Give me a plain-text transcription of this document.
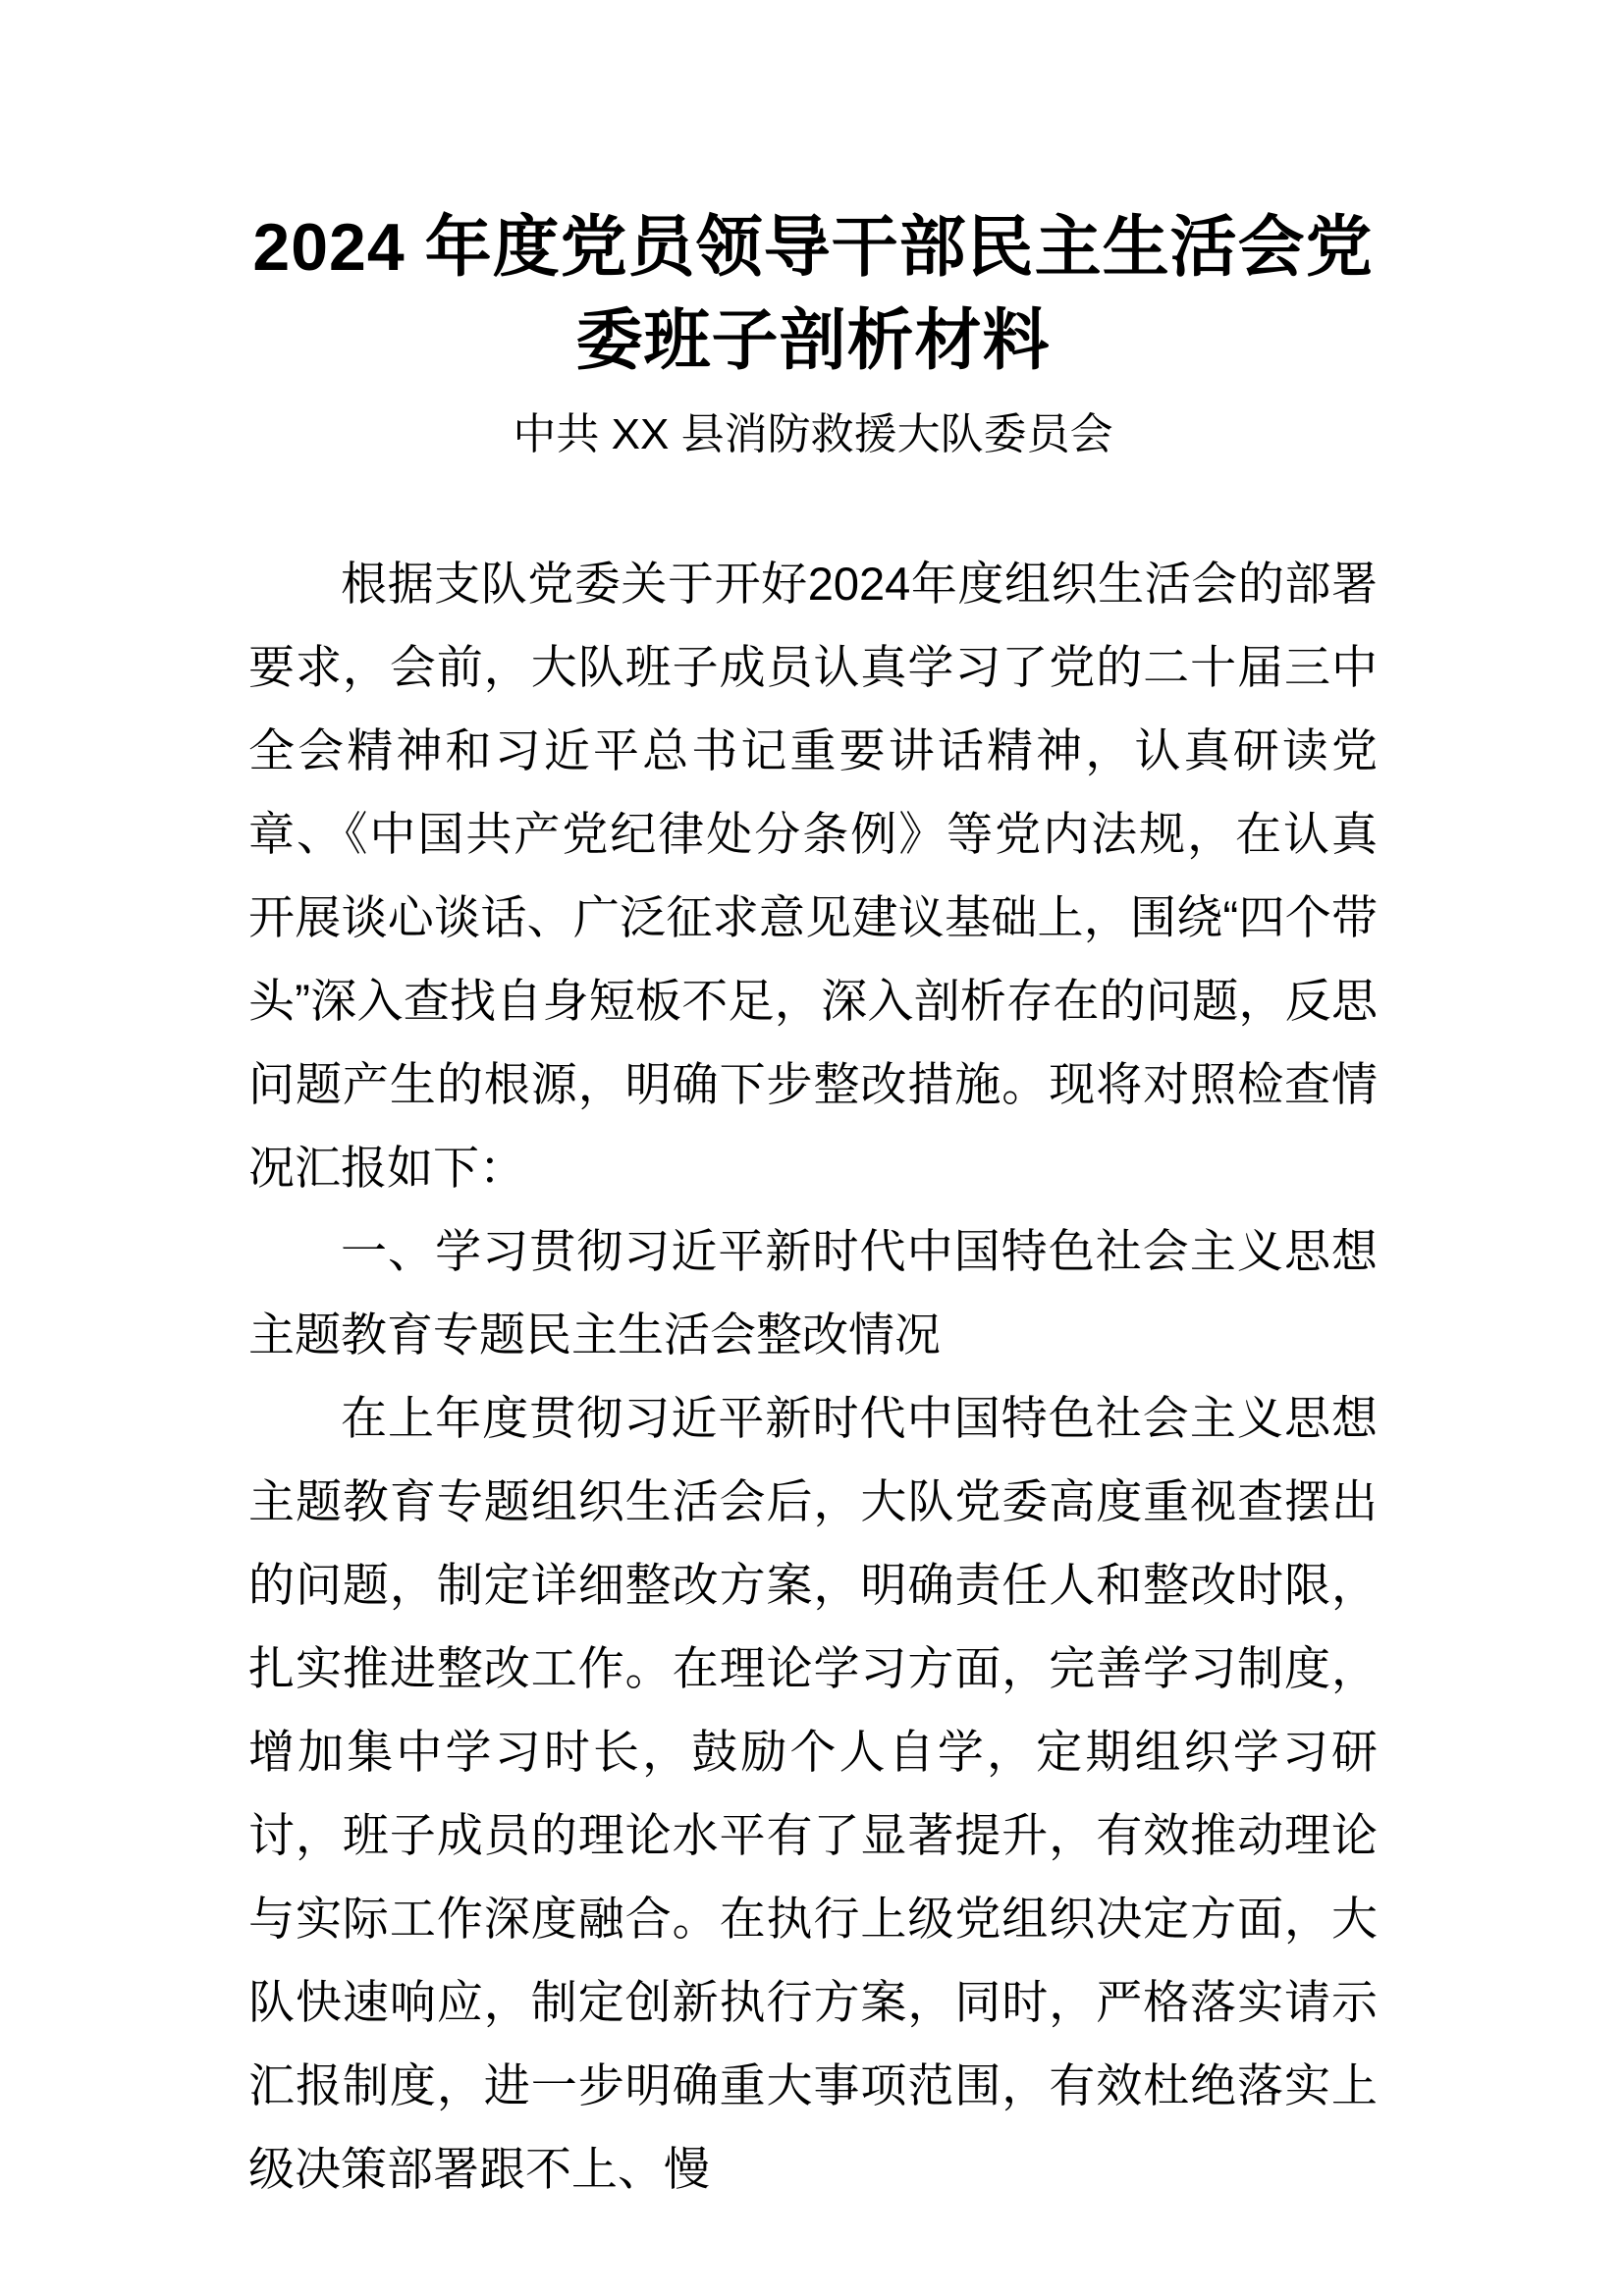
2024 年度党员领导干部民主生活会党委班子剖析材料
中共 XX 县消防救援大队委员会

根据支队党委关于开好2024年度组织生活会的部署要求，会前，大队班子成员认真学习了党的二十届三中全会精神和习近平总书记重要讲话精神，认真研读党章、《中国共产党纪律处分条例》等党内法规，在认真开展谈心谈话、广泛征求意见建议基础上，围绕“四个带头”深入查找自身短板不足，深入剖析存在的问题，反思问题产生的根源，明确下步整改措施。现将对照检查情况汇报如下：

一、学习贯彻习近平新时代中国特色社会主义思想主题教育专题民主生活会整改情况

在上年度贯彻习近平新时代中国特色社会主义思想主题教育专题组织生活会后，大队党委高度重视查摆出的问题，制定详细整改方案，明确责任人和整改时限，扎实推进整改工作。在理论学习方面，完善学习制度，增加集中学习时长，鼓励个人自学，定期组织学习研讨，班子成员的理论水平有了显著提升，有效推动理论与实际工作深度融合。在执行上级党组织决定方面，大队快速响应，制定创新执行方案，同时，严格落实请示汇报制度，进一步明确重大事项范围，有效杜绝落实上级决策部署跟不上、慢
